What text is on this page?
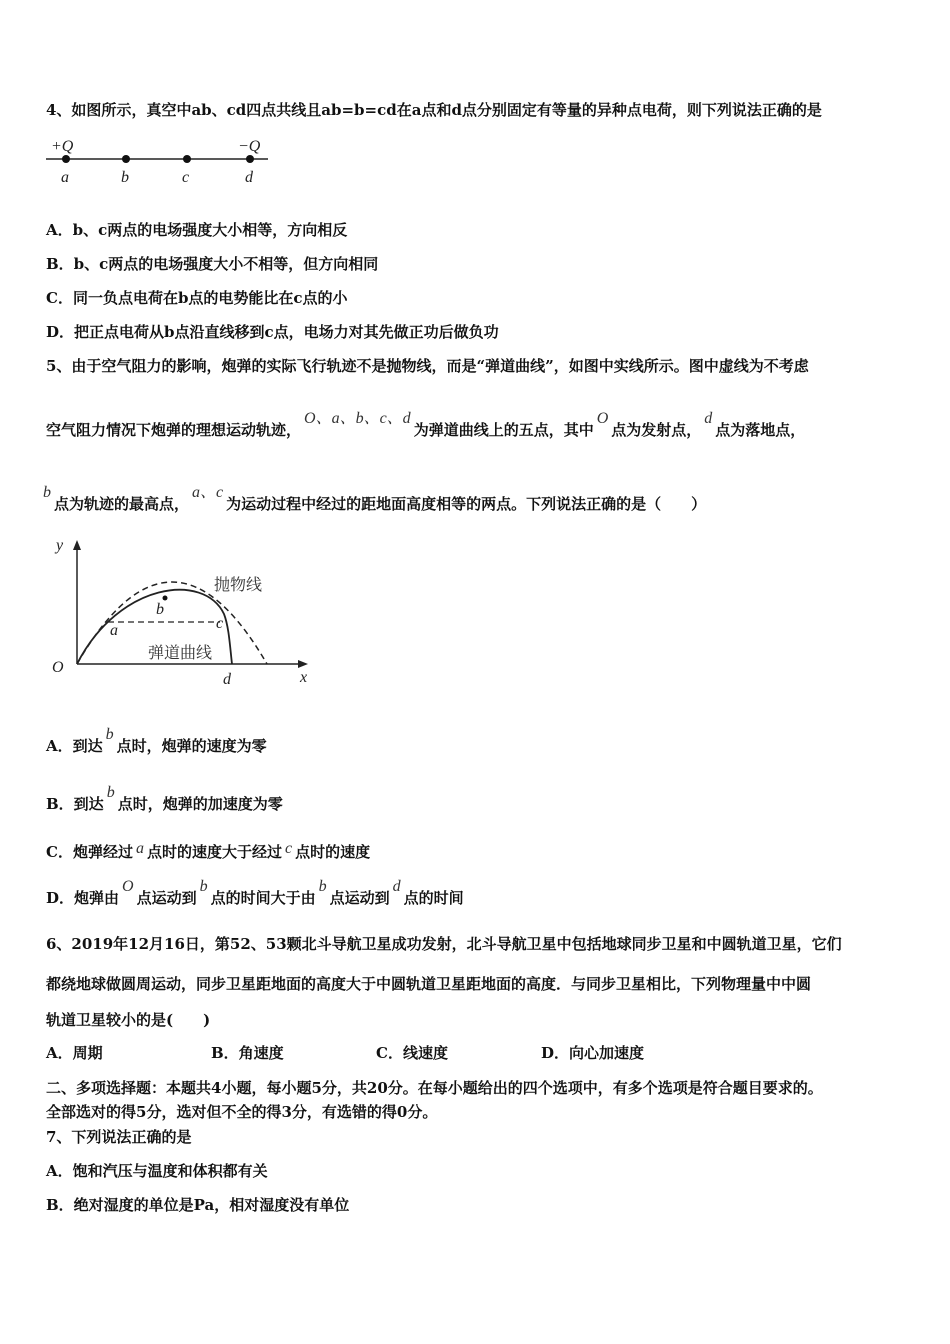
4、如图所示，真空中ab、cd四点共线且ab=b=cd在a点和d点分别固定有等量的异种点电荷，则下列说法正确的是
+Q	−Q
a	b	c	d
A．b、c两点的电场强度大小相等，方向相反
B．b、c两点的电场强度大小不相等，但方向相同
C．同一负点电荷在b点的电势能比在c点的小
D．把正点电荷从b点沿直线移到c点，电场力对其先做正功后做负功
5、由于空气阻力的影响，炮弹的实际飞行轨迹不是抛物线，而是“弹道曲线”，如图中实线所示。图中虚线为不考虑
空气阻力情况下炮弹的理想运动轨迹，O、a、b、c、d为弹道曲线上的五点，其中O点为发射点，d点为落地点，
b点为轨迹的最高点，a、c为运动过程中经过的距地面高度相等的两点。下列说法正确的是（　　）
y
x
O
a
b
c
d
抛物线
弹道曲线
A．到达b点时，炮弹的速度为零
B．到达b点时，炮弹的加速度为零
C．炮弹经过 a 点时的速度大于经过 c 点时的速度
D．炮弹由O点运动到b点的时间大于由b点运动到d点的时间
6、2019年12月16日，第52、53颗北斗导航卫星成功发射，北斗导航卫星中包括地球同步卫星和中圆轨道卫星，它们
都绕地球做圆周运动，同步卫星距地面的高度大于中圆轨道卫星距地面的高度．与同步卫星相比，下列物理量中中圆
轨道卫星较小的是(　　)
A．周期	B．角速度	C．线速度	D．向心加速度
二、多项选择题：本题共4小题，每小题5分，共20分。在每小题给出的四个选项中，有多个选项是符合题目要求的。
全部选对的得5分，选对但不全的得3分，有选错的得0分。
7、下列说法正确的是
A．饱和汽压与温度和体积都有关
B．绝对湿度的单位是Pa，相对湿度没有单位
